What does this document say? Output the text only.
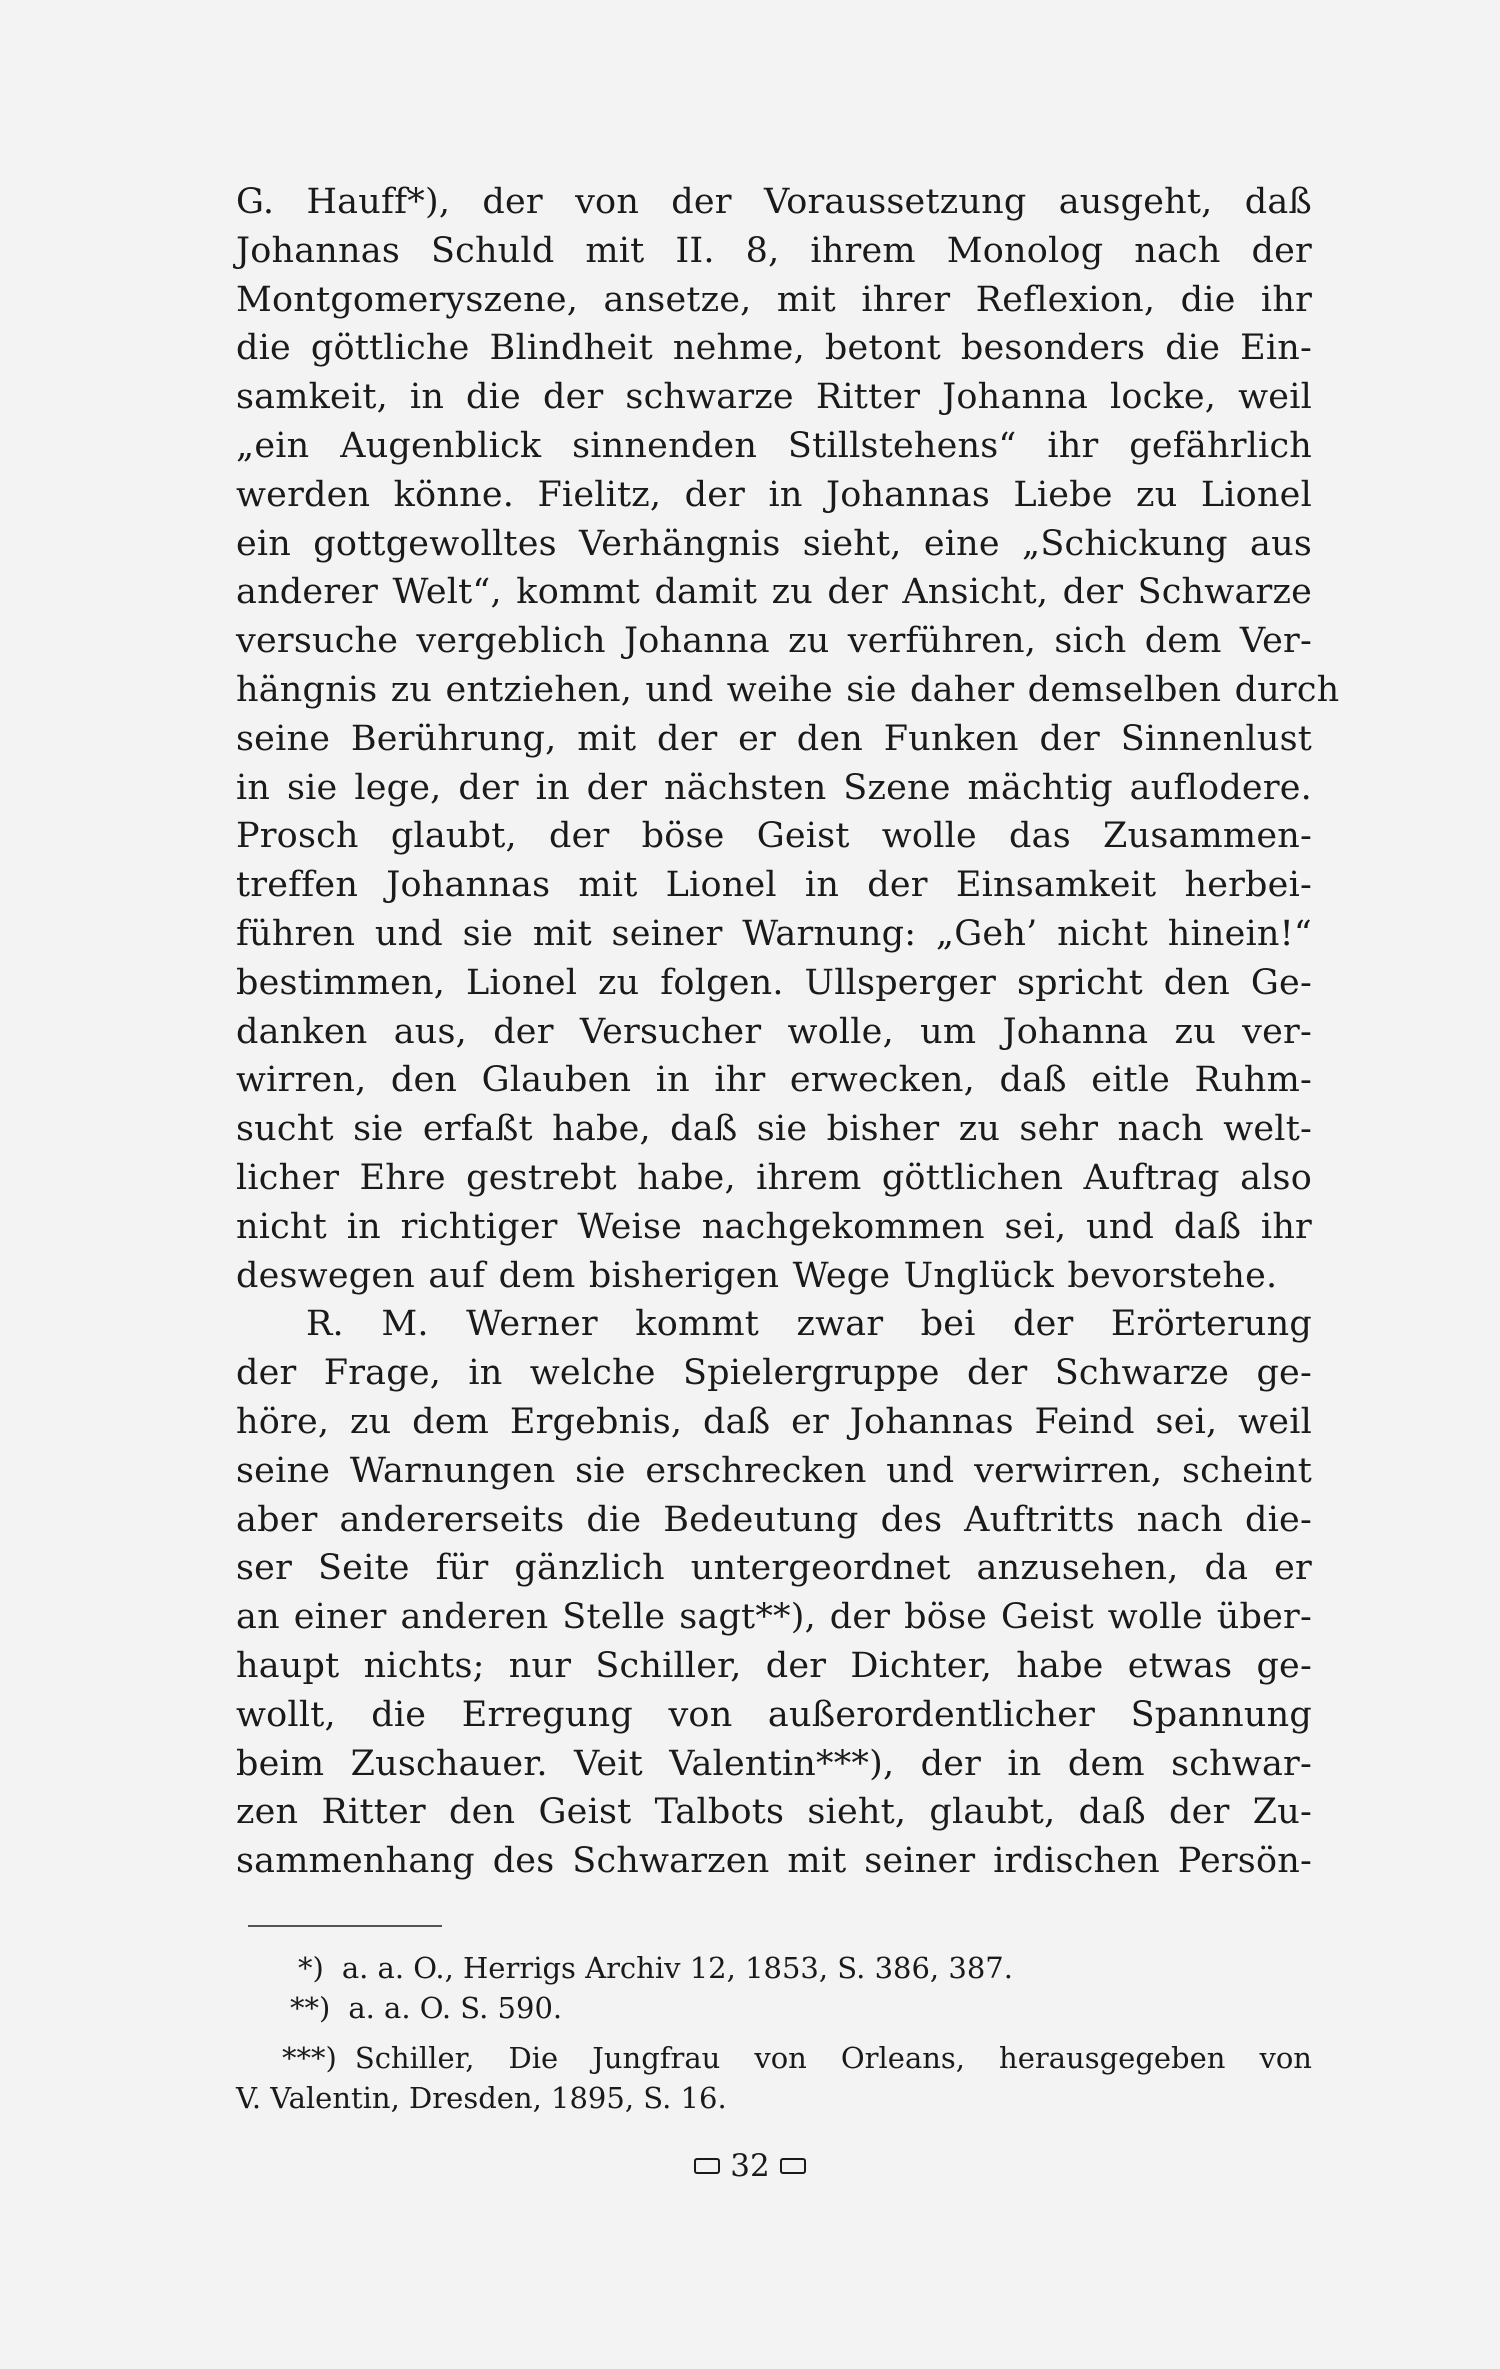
G. Hauff*), der von der Voraussetzung ausgeht, daß
Johannas Schuld mit II. 8, ihrem Monolog nach der
Montgomeryszene, ansetze, mit ihrer Reflexion, die ihr
die göttliche Blindheit nehme, betont besonders die Ein-
samkeit, in die der schwarze Ritter Johanna locke, weil
„ein Augenblick sinnenden Stillstehens“ ihr gefährlich
werden könne. Fielitz, der in Johannas Liebe zu Lionel
ein gottgewolltes Verhängnis sieht, eine „Schickung aus
anderer Welt“, kommt damit zu der Ansicht, der Schwarze
versuche vergeblich Johanna zu verführen, sich dem Ver-
hängnis zu entziehen, und weihe sie daher demselben durch
seine Berührung, mit der er den Funken der Sinnenlust
in sie lege, der in der nächsten Szene mächtig auflodere.
Prosch glaubt, der böse Geist wolle das Zusammen-
treffen Johannas mit Lionel in der Einsamkeit herbei-
führen und sie mit seiner Warnung: „Geh’ nicht hinein!“
bestimmen, Lionel zu folgen. Ullsperger spricht den Ge-
danken aus, der Versucher wolle, um Johanna zu ver-
wirren, den Glauben in ihr erwecken, daß eitle Ruhm-
sucht sie erfaßt habe, daß sie bisher zu sehr nach welt-
licher Ehre gestrebt habe, ihrem göttlichen Auftrag also
nicht in richtiger Weise nachgekommen sei, und daß ihr
deswegen auf dem bisherigen Wege Unglück bevorstehe.
R. M. Werner kommt zwar bei der Erörterung
der Frage, in welche Spielergruppe der Schwarze ge-
höre, zu dem Ergebnis, daß er Johannas Feind sei, weil
seine Warnungen sie erschrecken und verwirren, scheint
aber andererseits die Bedeutung des Auftritts nach die-
ser Seite für gänzlich untergeordnet anzusehen, da er
an einer anderen Stelle sagt**), der böse Geist wolle über-
haupt nichts; nur Schiller, der Dichter, habe etwas ge-
wollt, die Erregung von außerordentlicher Spannung
beim Zuschauer. Veit Valentin***), der in dem schwar-
zen Ritter den Geist Talbots sieht, glaubt, daß der Zu-
sammenhang des Schwarzen mit seiner irdischen Persön-
*) a. a. O., Herrigs Archiv 12, 1853, S. 386, 387.
**) a. a. O. S. 590.
***) Schiller, Die Jungfrau von Orleans, herausgegeben von
V. Valentin, Dresden, 1895, S. 16.
32
